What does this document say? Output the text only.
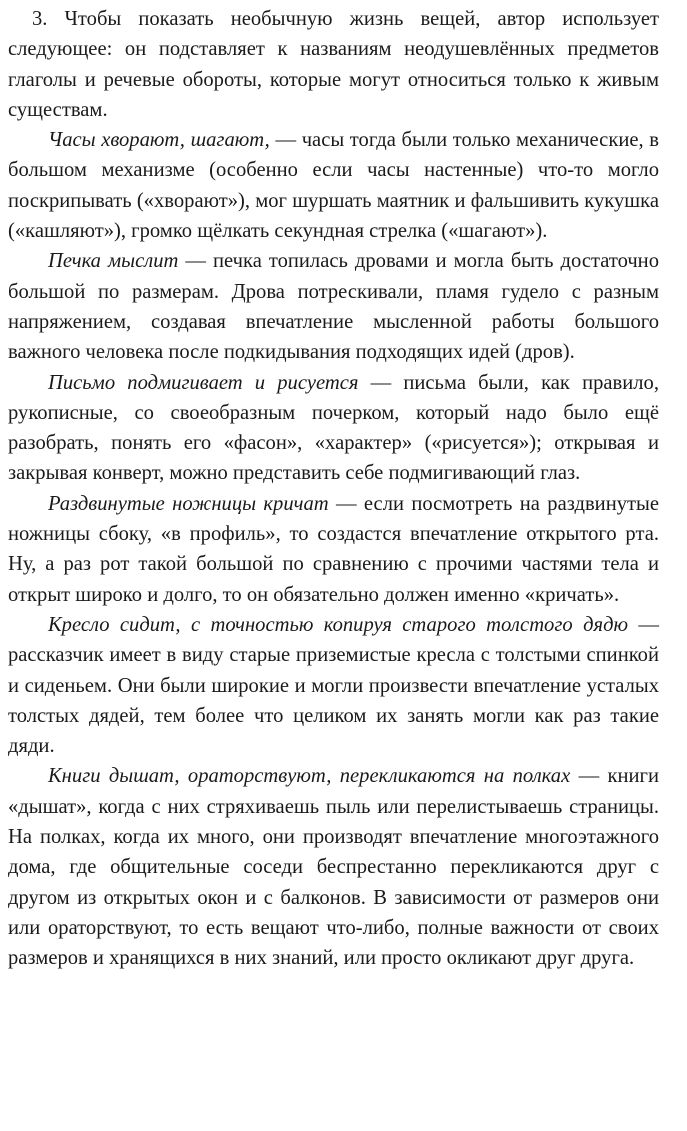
3. Чтобы показать необычную жизнь вещей, автор использует следующее: он подставляет к названиям неодушевлённых предметов глаголы и речевые обороты, которые могут относиться только к живым существам.

Часы хворают, шагают, — часы тогда были только механические, в большом механизме (особенно если часы настенные) что-то могло поскрипывать («хворают»), мог шуршать маятник и фальшивить кукушка («кашляют»), громко щёлкать секундная стрелка («шагают»).

Печка мыслит — печка топилась дровами и могла быть достаточно большой по размерам. Дрова потрескивали, пламя гудело с разным напряжением, создавая впечатление мысленной работы большого важного человека после подкидывания подходящих идей (дров).

Письмо подмигивает и рисуется — письма были, как правило, рукописные, со своеобразным почерком, который надо было ещё разобрать, понять его «фасон», «характер» («рисуется»); открывая и закрывая конверт, можно представить себе подмигивающий глаз.

Раздвинутые ножницы кричат — если посмотреть на раздвинутые ножницы сбоку, «в профиль», то создастся впечатление открытого рта. Ну, а раз рот такой большой по сравнению с прочими частями тела и открыт широко и долго, то он обязательно должен именно «кричать».

Кресло сидит, с точностью копируя старого толстого дядю — рассказчик имеет в виду старые приземистые кресла с толстыми спинкой и сиденьем. Они были широкие и могли произвести впечатление усталых толстых дядей, тем более что целиком их занять могли как раз такие дяди.

Книги дышат, ораторствуют, перекликаются на полках — книги «дышат», когда с них стряхиваешь пыль или перелистываешь страницы. На полках, когда их много, они производят впечатление многоэтажного дома, где общительные соседи беспрестанно перекликаются друг с другом из открытых окон и с балконов. В зависимости от размеров они или ораторствуют, то есть вещают что-либо, полные важности от своих размеров и хранящихся в них знаний, или просто окликают друг друга.
